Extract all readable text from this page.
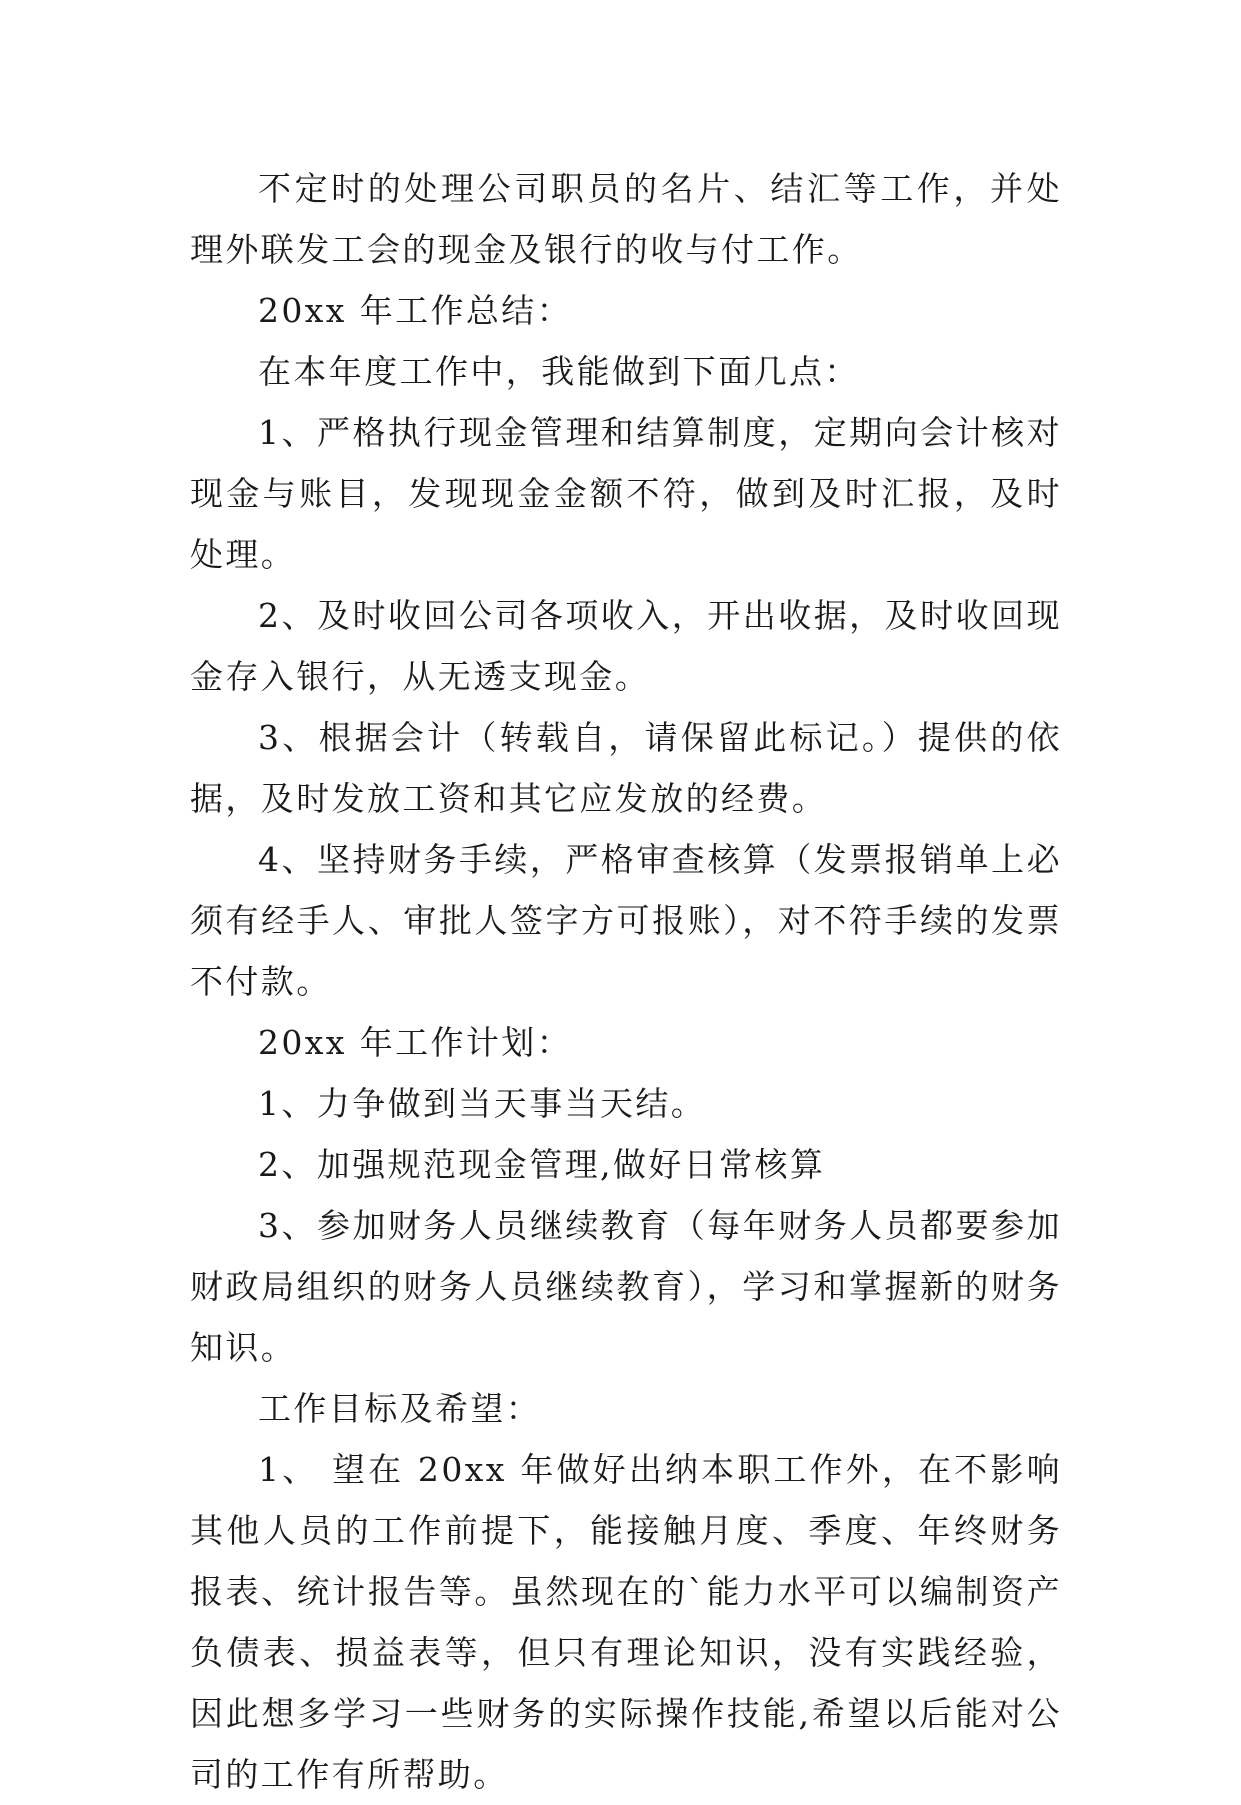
不定时的处理公司职员的名片、结汇等工作，并处理外联发工会的现金及银行的收与付工作。

20xx 年工作总结：

在本年度工作中，我能做到下面几点：

1、严格执行现金管理和结算制度，定期向会计核对现金与账目，发现现金金额不符，做到及时汇报，及时处理。

2、及时收回公司各项收入，开出收据，及时收回现金存入银行，从无透支现金。

3、根据会计（转载自，请保留此标记。）提供的依据，及时发放工资和其它应发放的经费。

4、坚持财务手续，严格审查核算（发票报销单上必须有经手人、审批人签字方可报账），对不符手续的发票不付款。

20xx 年工作计划：

1、力争做到当天事当天结。

2、加强规范现金管理,做好日常核算

3、参加财务人员继续教育（每年财务人员都要参加财政局组织的财务人员继续教育），学习和掌握新的财务知识。

工作目标及希望：

1、 望在 20xx 年做好出纳本职工作外，在不影响其他人员的工作前提下，能接触月度、季度、年终财务报表、统计报告等。虽然现在的`能力水平可以编制资产负债表、损益表等，但只有理论知识，没有实践经验，因此想多学习一些财务的实际操作技能,希望以后能对公司的工作有所帮助。
